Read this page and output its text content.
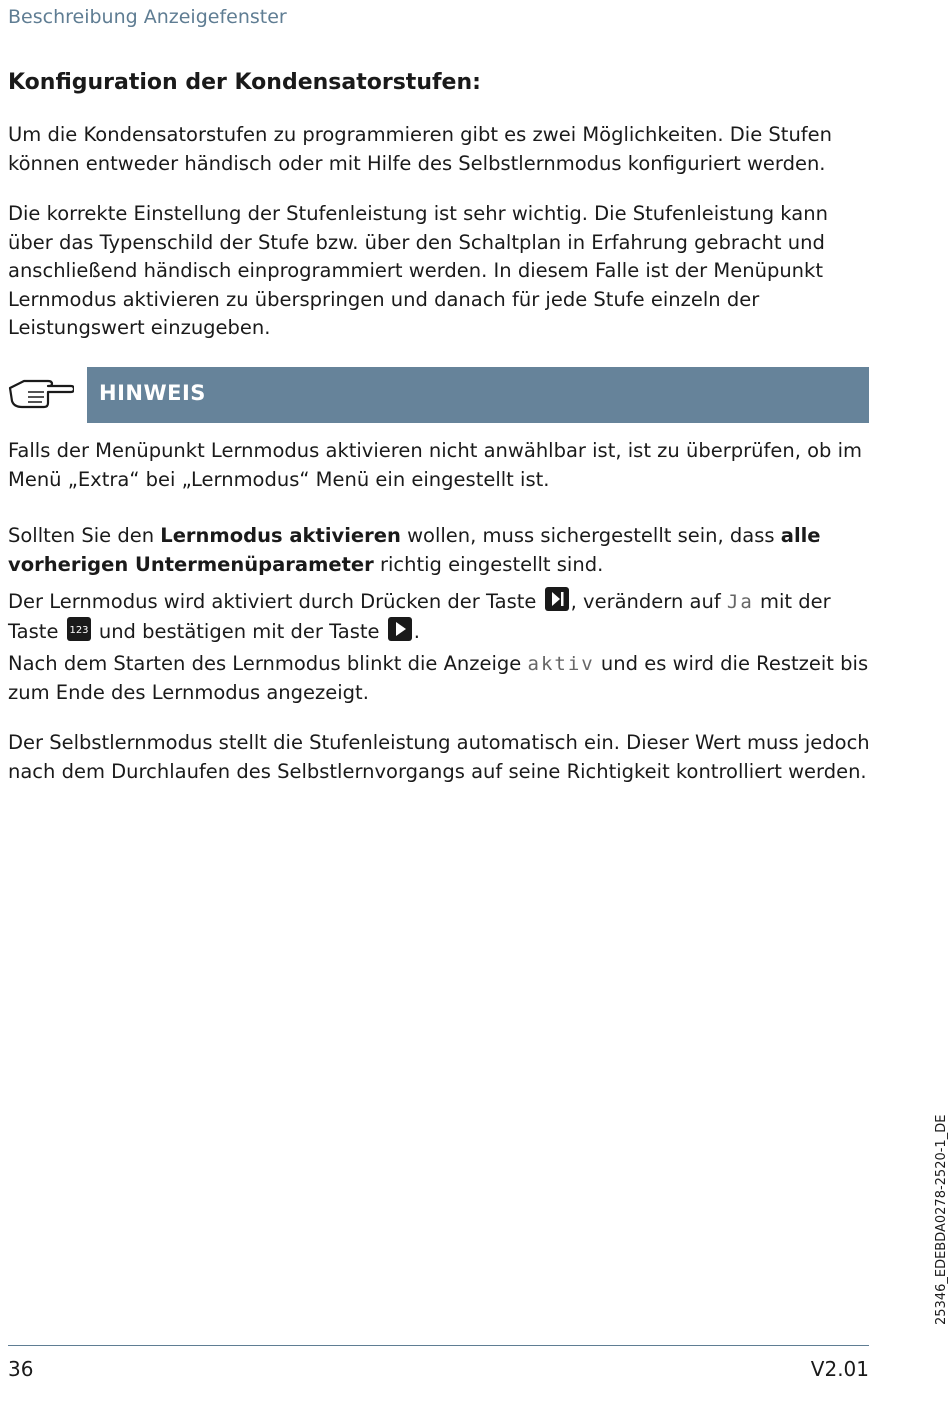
Beschreibung Anzeigefenster
Konfiguration der Kondensatorstufen:

Um die Kondensatorstufen zu programmieren gibt es zwei Möglichkeiten. Die Stufen können entweder händisch oder mit Hilfe des Selbstlernmodus konfiguriert werden.

Die korrekte Einstellung der Stufenleistung ist sehr wichtig. Die Stufenleistung kann über das Typenschild der Stufe bzw. über den Schaltplan in Erfahrung gebracht und anschließend händisch einprogrammiert werden. In diesem Falle ist der Menüpunkt Lernmodus aktivieren zu überspringen und danach für jede Stufe einzeln der Leistungswert einzugeben.

HINWEIS

Falls der Menüpunkt Lernmodus aktivieren nicht anwählbar ist, ist zu überprüfen, ob im Menü „Extra“ bei „Lernmodus“ Menü ein eingestellt ist.

Sollten Sie den Lernmodus aktivieren wollen, muss sichergestellt sein, dass alle vorherigen Untermenüparameter richtig eingestellt sind.

Der Lernmodus wird aktiviert durch Drücken der Taste
, verändern auf Ja mit der Taste 123 und bestätigen mit der Taste
.

Nach dem Starten des Lernmodus blinkt die Anzeige aktiv und es wird die Restzeit bis zum Ende des Lernmodus angezeigt.

Der Selbstlernmodus stellt die Stufenleistung automatisch ein. Dieser Wert muss jedoch nach dem Durchlaufen des Selbstlernvorgangs auf seine Richtigkeit kontrolliert werden.

25346_EDEBDA0278-2520-1_DE
36	V2.01
